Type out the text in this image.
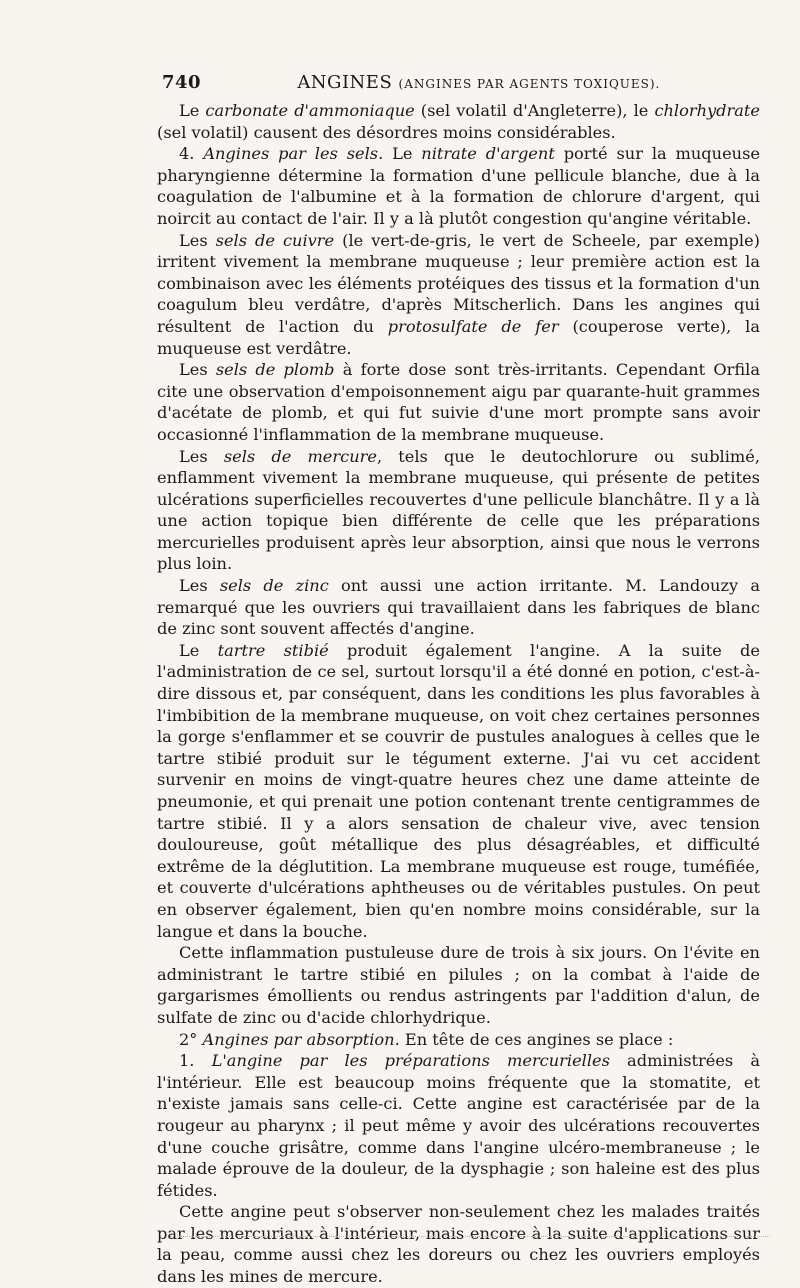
740	ANGINES (ANGINES PAR AGENTS TOXIQUES).

Le carbonate d'ammoniaque (sel volatil d'Angleterre), le chlorhydrate (sel volatil) causent des désordres moins considérables.

4. Angines par les sels. Le nitrate d'argent porté sur la muqueuse pharyngienne détermine la formation d'une pellicule blanche, due à la coagulation de l'albumine et à la formation de chlorure d'argent, qui noircit au contact de l'air. Il y a là plutôt congestion qu'angine véritable.

Les sels de cuivre (le vert-de-gris, le vert de Scheele, par exemple) irritent vivement la membrane muqueuse ; leur première action est la combinaison avec les éléments protéiques des tissus et la formation d'un coagulum bleu verdâtre, d'après Mitscherlich. Dans les angines qui résultent de l'action du protosulfate de fer (couperose verte), la muqueuse est verdâtre.

Les sels de plomb à forte dose sont très-irritants. Cependant Orfila cite une observation d'empoisonnement aigu par quarante-huit grammes d'acétate de plomb, et qui fut suivie d'une mort prompte sans avoir occasionné l'inflammation de la membrane muqueuse.

Les sels de mercure, tels que le deutochlorure ou sublimé, enflamment vivement la membrane muqueuse, qui présente de petites ulcérations superficielles recouvertes d'une pellicule blanchâtre. Il y a là une action topique bien différente de celle que les préparations mercurielles produisent après leur absorption, ainsi que nous le verrons plus loin.

Les sels de zinc ont aussi une action irritante. M. Landouzy a remarqué que les ouvriers qui travaillaient dans les fabriques de blanc de zinc sont souvent affectés d'angine.

Le tartre stibié produit également l'angine. A la suite de l'administration de ce sel, surtout lorsqu'il a été donné en potion, c'est-à-dire dissous et, par conséquent, dans les conditions les plus favorables à l'imbibition de la membrane muqueuse, on voit chez certaines personnes la gorge s'enflammer et se couvrir de pustules analogues à celles que le tartre stibié produit sur le tégument externe. J'ai vu cet accident survenir en moins de vingt-quatre heures chez une dame atteinte de pneumonie, et qui prenait une potion contenant trente centigrammes de tartre stibié. Il y a alors sensation de chaleur vive, avec tension douloureuse, goût métallique des plus désagréables, et difficulté extrême de la déglutition. La membrane muqueuse est rouge, tuméfiée, et couverte d'ulcérations aphtheuses ou de véritables pustules. On peut en observer également, bien qu'en nombre moins considérable, sur la langue et dans la bouche.

Cette inflammation pustuleuse dure de trois à six jours. On l'évite en administrant le tartre stibié en pilules ; on la combat à l'aide de gargarismes émollients ou rendus astringents par l'addition d'alun, de sulfate de zinc ou d'acide chlorhydrique.

2° Angines par absorption. En tête de ces angines se place :

1. L'angine par les préparations mercurielles administrées à l'intérieur. Elle est beaucoup moins fréquente que la stomatite, et n'existe jamais sans celle-ci. Cette angine est caractérisée par de la rougeur au pharynx ; il peut même y avoir des ulcérations recouvertes d'une couche grisâtre, comme dans l'angine ulcéro-membraneuse ; le malade éprouve de la douleur, de la dysphagie ; son haleine est des plus fétides.

Cette angine peut s'observer non-seulement chez les malades traités par les mercuriaux à l'intérieur, mais encore à la suite d'applications sur la peau, comme aussi chez les doreurs ou chez les ouvriers employés dans les mines de mercure.
